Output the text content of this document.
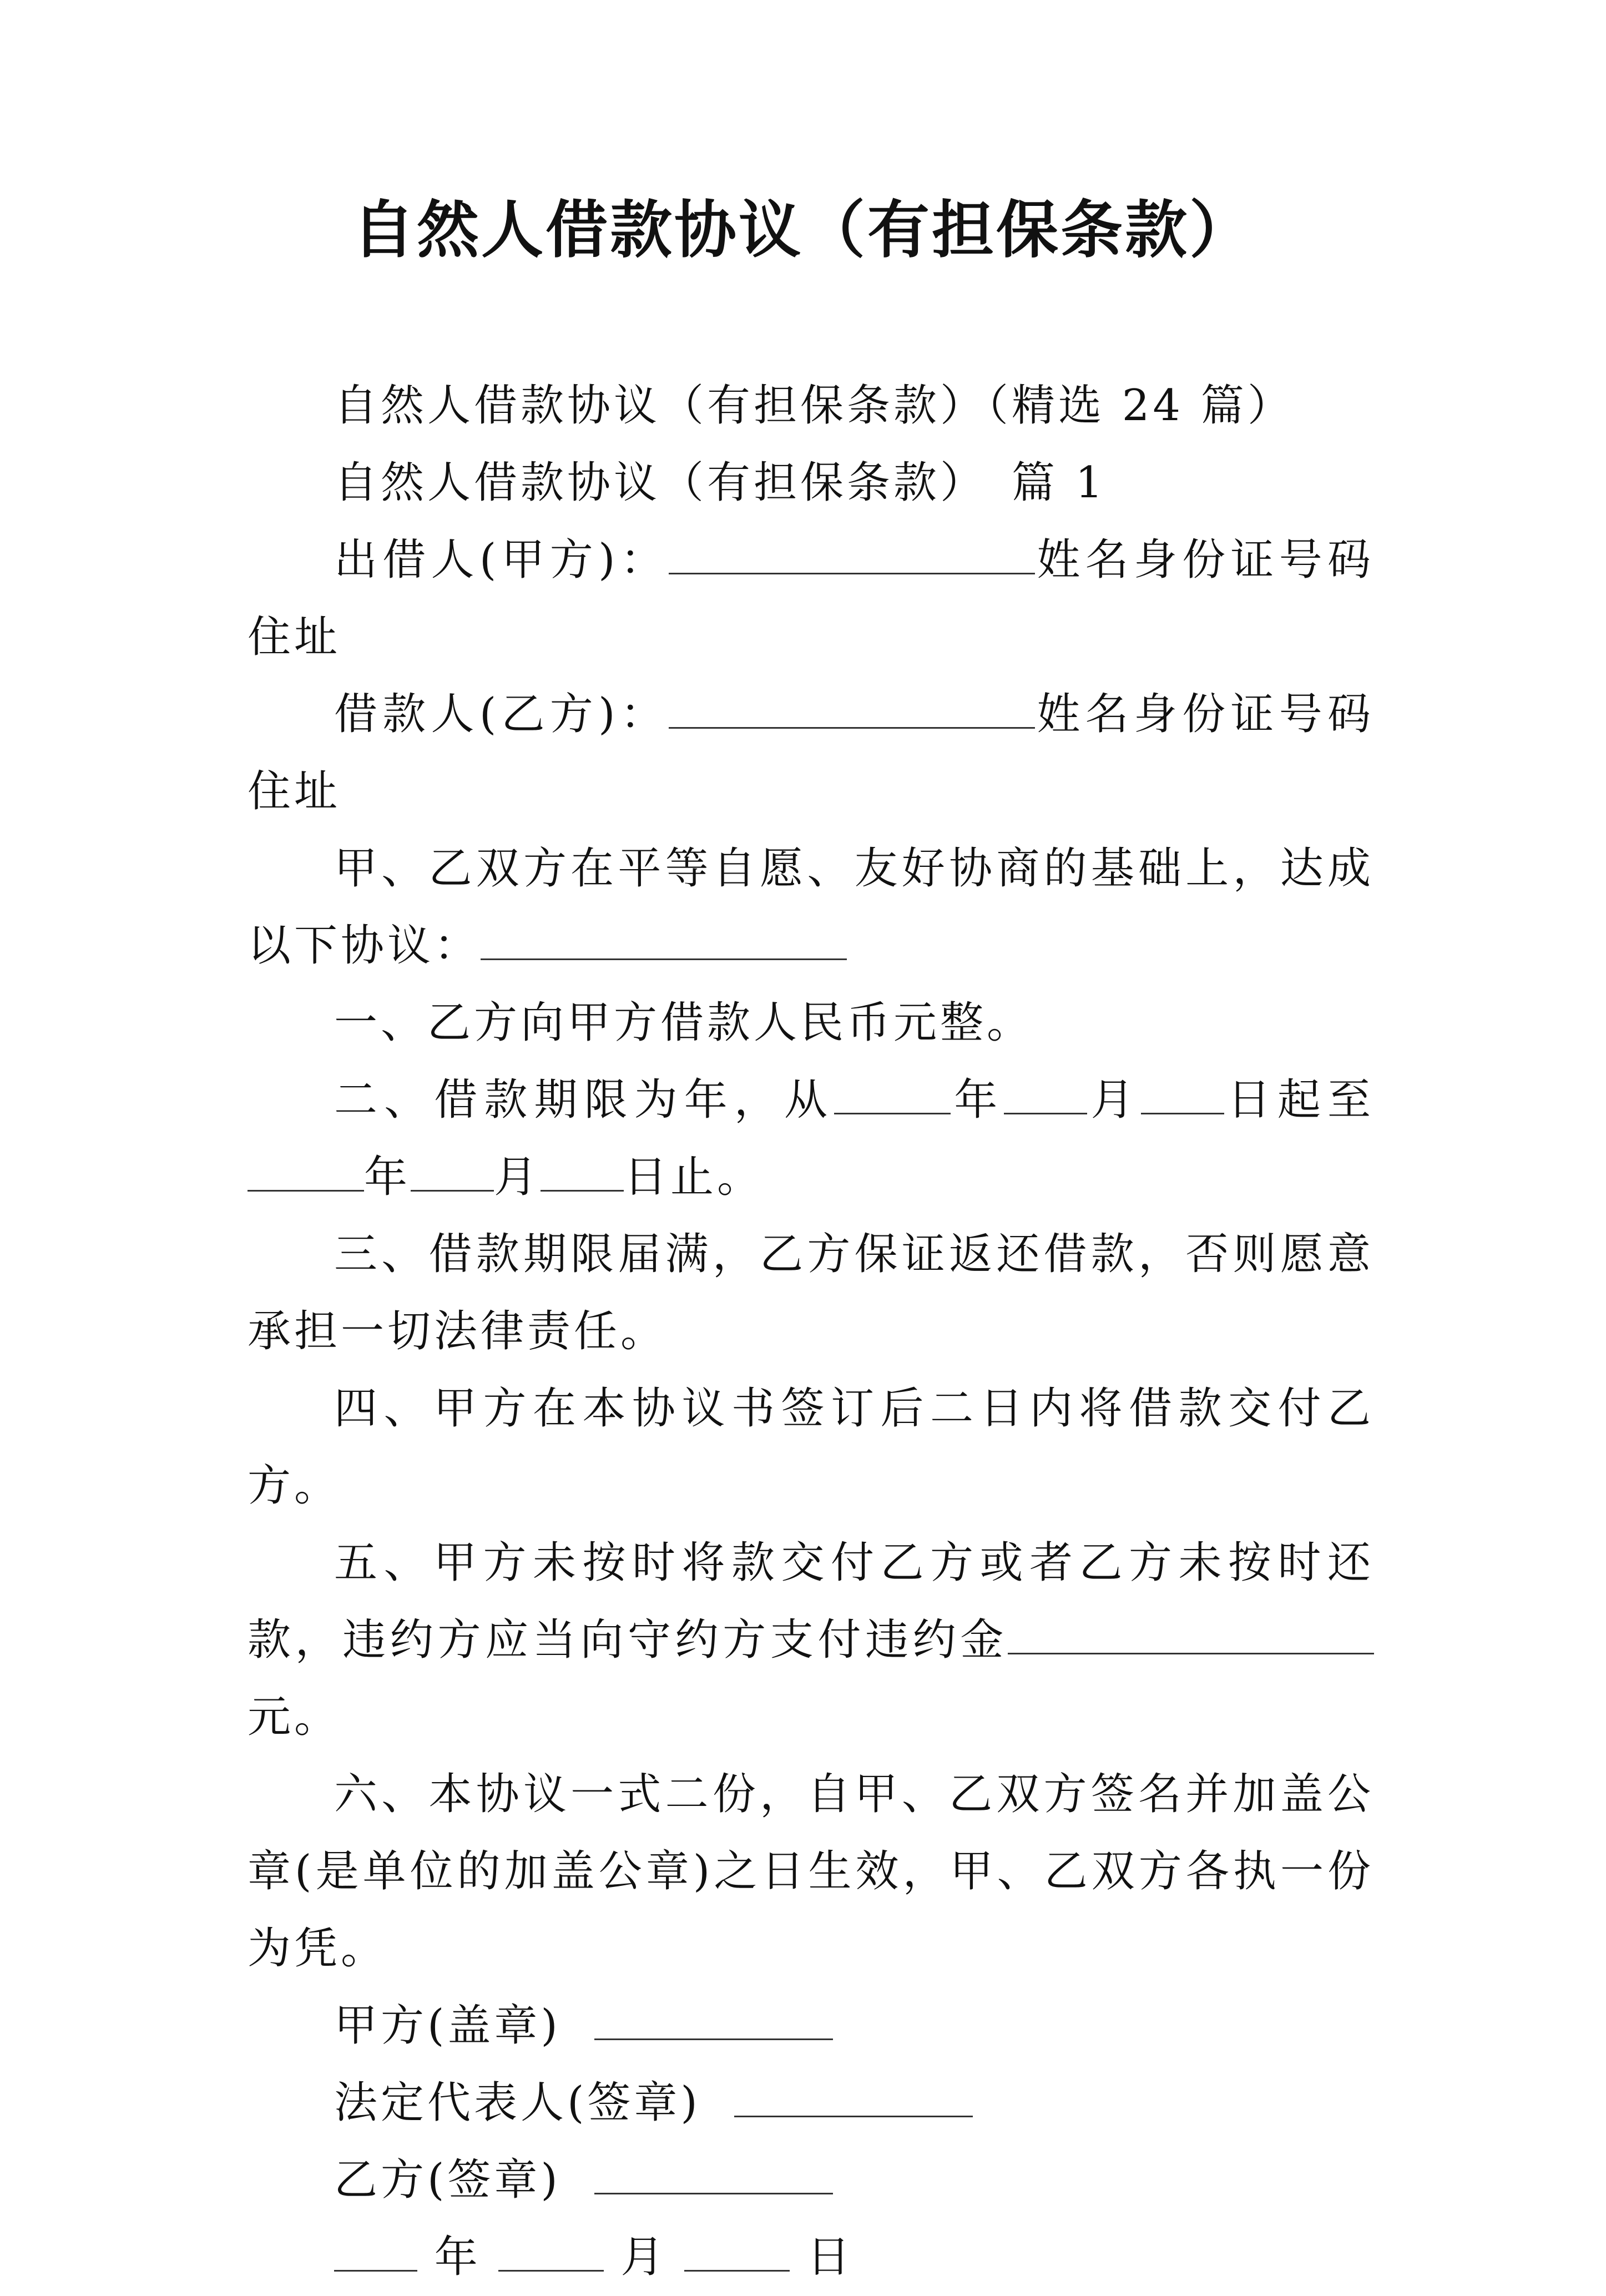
自然人借款协议（有担保条款）

自然人借款协议（有担保条款）（精选 24 篇）

自然人借款协议（有担保条款）　篇 1

出借人(甲方)：	姓名身份证号码住址

借款人(乙方)：	姓名身份证号码住址

甲、乙双方在平等自愿、友好协商的基础上，达成以下协议：

一、乙方向甲方借款人民币元整。

二、借款期限为年，从	年 月 日起至年 月 日止。

三、借款期限届满，乙方保证返还借款，否则愿意承担一切法律责任。

四、甲方在本协议书签订后二日内将借款交付乙方。

五、甲方未按时将款交付乙方或者乙方未按时还款，违约方应当向守约方支付违约金元。

六、本协议一式二份，自甲、乙双方签名并加盖公章(是单位的加盖公章)之日生效，甲、乙双方各执一份为凭。

甲方(盖章)

法定代表人(签章)

乙方(签章)

年	月	日
